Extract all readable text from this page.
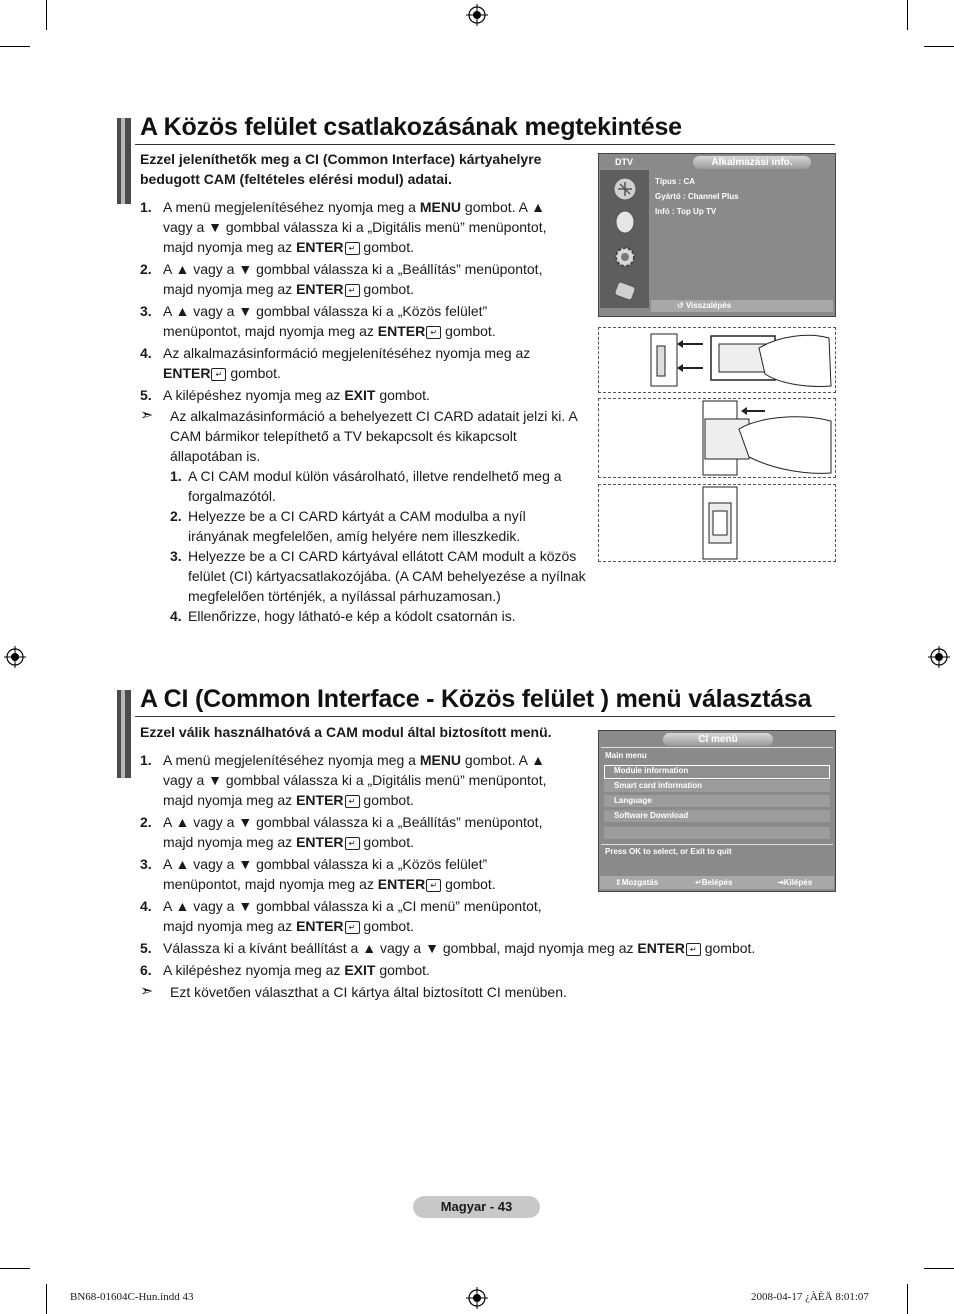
A Közös felület csatlakozásának megtekintése
Ezzel jeleníthetők meg a CI (Common Interface) kártyahelyre bedugott CAM (feltételes elérési modul) adatai.
1. A menü megjelenítéséhez nyomja meg a MENU gombot. A ▲ vagy a ▼ gombbal válassza ki a „Digitális menü” menüpontot, majd nyomja meg az ENTER ↵ gombot.
2. A ▲ vagy a ▼ gombbal válassza ki a „Beállítás” menüpontot, majd nyomja meg az ENTER ↵ gombot.
3. A ▲ vagy a ▼ gombbal válassza ki a „Közös felület” menüpontot, majd nyomja meg az ENTER ↵ gombot.
4. Az alkalmazásinformáció megjelenítéséhez nyomja meg az ENTER ↵ gombot.
5. A kilépéshez nyomja meg az EXIT gombot.
➣ Az alkalmazásinformáció a behelyezett CI CARD adatait jelzi ki. A CAM bármikor telepíthető a TV bekapcsolt és kikapcsolt állapotában is.
1. A CI CAM modul külön vásárolható, illetve rendelhető meg a forgalmazótól.
2. Helyezze be a CI CARD kártyát a CAM modulba a nyíl irányának megfelelően, amíg helyére nem illeszkedik.
3. Helyezze be a CI CARD kártyával ellátott CAM modult a közös felület (CI) kártyacsatlakozójába. (A CAM behelyezése a nyílnak megfelelően történjék, a nyílással párhuzamosan.)
4. Ellenőrizze, hogy látható-e kép a kódolt csatornán is.
DTV	Alkalmazási info.
Típus : CA
Gyártó : Channel Plus
Infó : Top Up TV
↺ Visszalépés
A CI (Common Interface - Közös felület ) menü választása
Ezzel válik használhatóvá a CAM modul által biztosított menü.
1. A menü megjelenítéséhez nyomja meg a MENU gombot. A ▲ vagy a ▼ gombbal válassza ki a „Digitális menü” menüpontot, majd nyomja meg az ENTER ↵ gombot.
2. A ▲ vagy a ▼ gombbal válassza ki a „Beállítás” menüpontot, majd nyomja meg az ENTER ↵ gombot.
3. A ▲ vagy a ▼ gombbal válassza ki a „Közös felület” menüpontot, majd nyomja meg az ENTER ↵ gombot.
4. A ▲ vagy a ▼ gombbal válassza ki a „CI menü” menüpontot, majd nyomja meg az ENTER ↵ gombot.
5. Válassza ki a kívánt beállítást a ▲ vagy a ▼ gombbal, majd nyomja meg az ENTER ↵ gombot.
6. A kilépéshez nyomja meg az EXIT gombot.
➣ Ezt követően választhat a CI kártya által biztosított CI menüben.
CI menü
Main menu
Module information
Smart card information
Language
Software Download
Press OK to select, or Exit to quit
⇕Mozgatás	↵Belépés	⇥Kilépés
Magyar - 43
BN68-01604C-Hun.indd 43	2008-04-17 ¿ÀÈÄ 8:01:07
